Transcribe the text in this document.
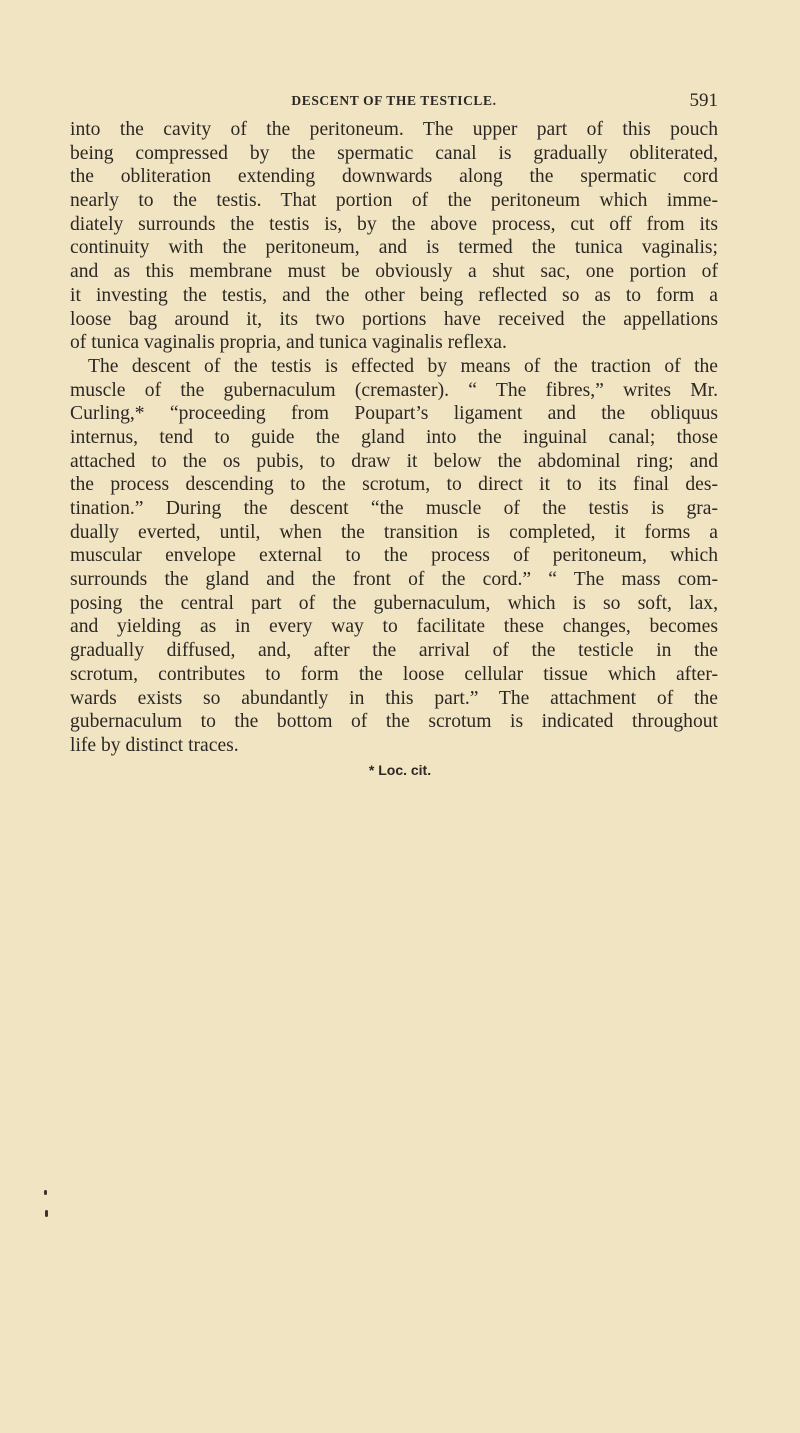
DESCENT OF THE TESTICLE.	591
into the cavity of the peritoneum. The upper part of this pouch
being compressed by the spermatic canal is gradually obliterated,
the obliteration extending downwards along the spermatic cord
nearly to the testis. That portion of the peritoneum which imme-
diately surrounds the testis is, by the above process, cut off from its
continuity with the peritoneum, and is termed the tunica vaginalis;
and as this membrane must be obviously a shut sac, one portion of
it investing the testis, and the other being reflected so as to form a
loose bag around it, its two portions have received the appellations
of tunica vaginalis propria, and tunica vaginalis reflexa.
The descent of the testis is effected by means of the traction of the
muscle of the gubernaculum (cremaster). “ The fibres,” writes Mr.
Curling,* “proceeding from Poupart’s ligament and the obliquus
internus, tend to guide the gland into the inguinal canal; those
attached to the os pubis, to draw it below the abdominal ring; and
the process descending to the scrotum, to direct it to its final des-
tination.” During the descent “the muscle of the testis is gra-
dually everted, until, when the transition is completed, it forms a
muscular envelope external to the process of peritoneum, which
surrounds the gland and the front of the cord.” “ The mass com-
posing the central part of the gubernaculum, which is so soft, lax,
and yielding as in every way to facilitate these changes, becomes
gradually diffused, and, after the arrival of the testicle in the
scrotum, contributes to form the loose cellular tissue which after-
wards exists so abundantly in this part.” The attachment of the
gubernaculum to the bottom of the scrotum is indicated throughout
life by distinct traces.
* Loc. cit.
